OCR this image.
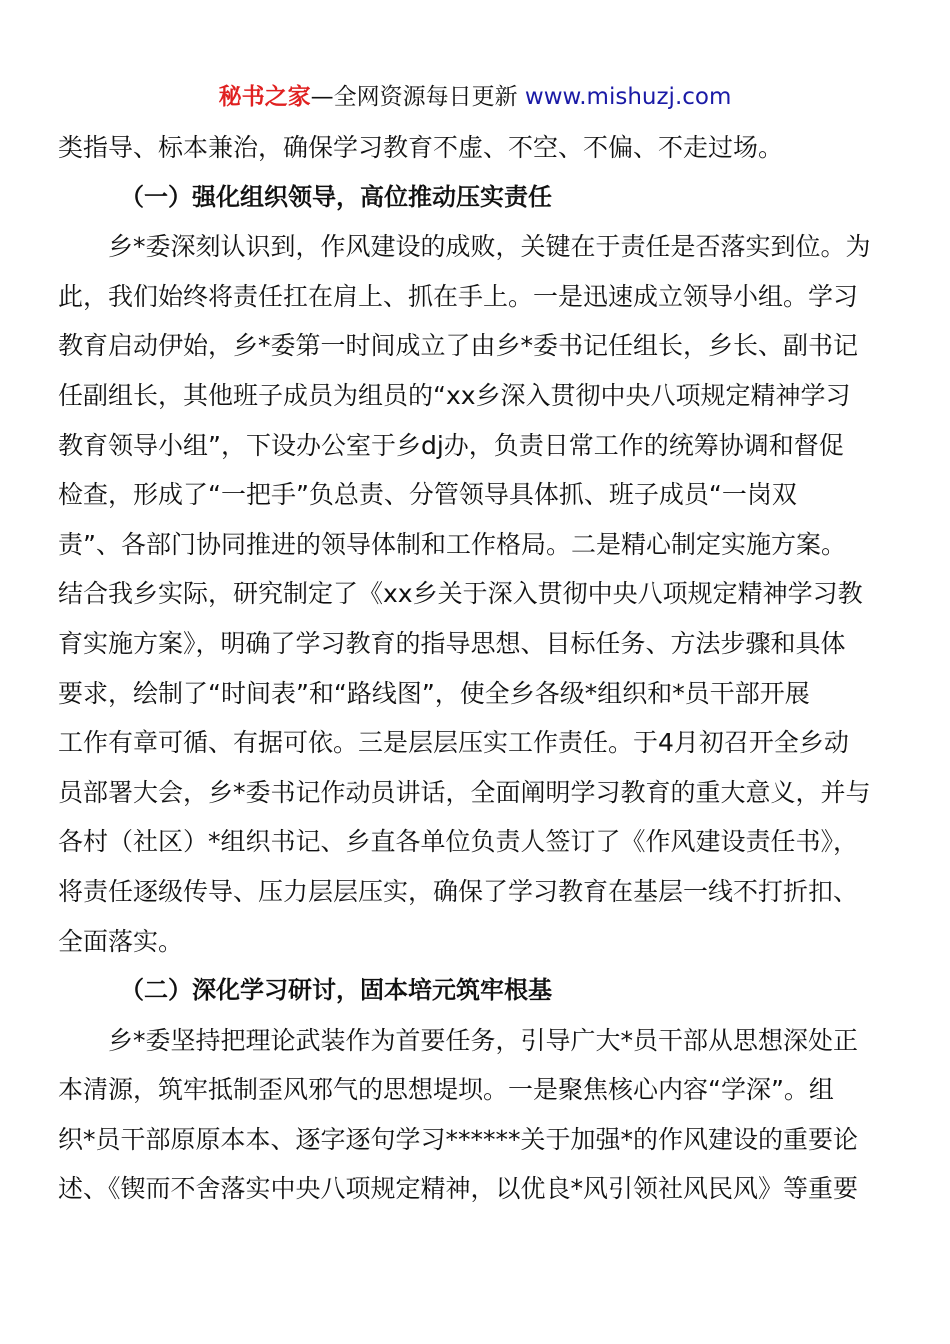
秘书之家—全网资源每日更新 www.mishuzj.com
类指导、标本兼治，确保学习教育不虚、不空、不偏、不走过场。
（一）强化组织领导，高位推动压实责任
乡*委深刻认识到，作风建设的成败，关键在于责任是否落实到位。为
此，我们始终将责任扛在肩上、抓在手上。一是迅速成立领导小组。学习
教育启动伊始，乡*委第一时间成立了由乡*委书记任组长，乡长、副书记
任副组长，其他班子成员为组员的“xx乡深入贯彻中央八项规定精神学习
教育领导小组”，下设办公室于乡dj办，负责日常工作的统筹协调和督促
检查，形成了“一把手”负总责、分管领导具体抓、班子成员“一岗双
责”、各部门协同推进的领导体制和工作格局。二是精心制定实施方案。
结合我乡实际，研究制定了《xx乡关于深入贯彻中央八项规定精神学习教
育实施方案》，明确了学习教育的指导思想、目标任务、方法步骤和具体
要求，绘制了“时间表”和“路线图”，使全乡各级*组织和*员干部开展
工作有章可循、有据可依。三是层层压实工作责任。于4月初召开全乡动
员部署大会，乡*委书记作动员讲话，全面阐明学习教育的重大意义，并与
各村（社区）*组织书记、乡直各单位负责人签订了《作风建设责任书》，
将责任逐级传导、压力层层压实，确保了学习教育在基层一线不打折扣、
全面落实。
（二）深化学习研讨，固本培元筑牢根基
乡*委坚持把理论武装作为首要任务，引导广大*员干部从思想深处正
本清源，筑牢抵制歪风邪气的思想堤坝。一是聚焦核心内容“学深”。组
织*员干部原原本本、逐字逐句学习******关于加强*的作风建设的重要论
述、《锲而不舍落实中央八项规定精神，以优良*风引领社风民风》等重要
